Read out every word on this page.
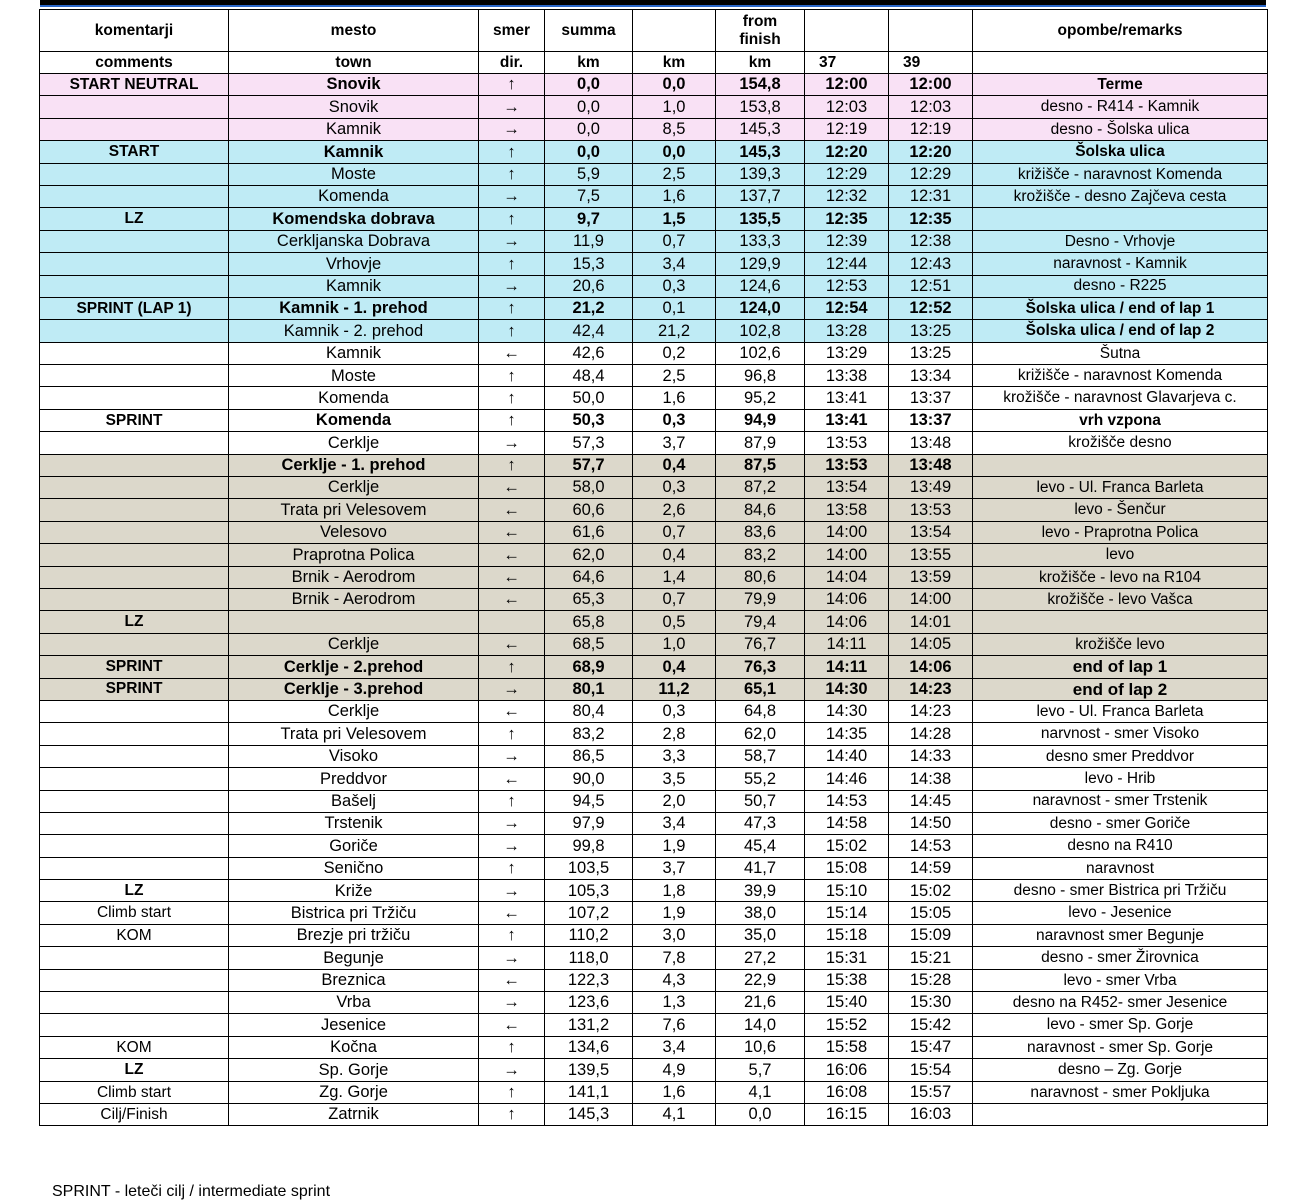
komentarji	mesto	smer	summa		from finish			opombe/remarks
comments	town	dir.	km	km	km	37	39	
START NEUTRAL	Snovik	↑	0,0	0,0	154,8	12:00	12:00	Terme
	Snovik	→	0,0	1,0	153,8	12:03	12:03	desno - R414 - Kamnik
	Kamnik	→	0,0	8,5	145,3	12:19	12:19	desno - Šolska ulica
START	Kamnik	↑	0,0	0,0	145,3	12:20	12:20	Šolska ulica
	Moste	↑	5,9	2,5	139,3	12:29	12:29	križišče - naravnost Komenda
	Komenda	→	7,5	1,6	137,7	12:32	12:31	krožišče - desno Zajčeva cesta
LZ	Komendska dobrava	↑	9,7	1,5	135,5	12:35	12:35	
	Cerkljanska Dobrava	→	11,9	0,7	133,3	12:39	12:38	Desno - Vrhovje
	Vrhovje	↑	15,3	3,4	129,9	12:44	12:43	naravnost - Kamnik
	Kamnik	→	20,6	0,3	124,6	12:53	12:51	desno - R225
SPRINT (LAP 1)	Kamnik - 1. prehod	↑	21,2	0,1	124,0	12:54	12:52	Šolska ulica / end of lap 1
	Kamnik - 2. prehod	↑	42,4	21,2	102,8	13:28	13:25	Šolska ulica / end of lap 2
	Kamnik	←	42,6	0,2	102,6	13:29	13:25	Šutna
	Moste	↑	48,4	2,5	96,8	13:38	13:34	križišče - naravnost Komenda
	Komenda	↑	50,0	1,6	95,2	13:41	13:37	krožišče - naravnost Glavarjeva c.
SPRINT	Komenda	↑	50,3	0,3	94,9	13:41	13:37	vrh vzpona
	Cerklje	→	57,3	3,7	87,9	13:53	13:48	krožišče desno
	Cerklje - 1. prehod	↑	57,7	0,4	87,5	13:53	13:48	
	Cerklje	←	58,0	0,3	87,2	13:54	13:49	levo - Ul. Franca Barleta
	Trata pri Velesovem	←	60,6	2,6	84,6	13:58	13:53	levo - Šenčur
	Velesovo	←	61,6	0,7	83,6	14:00	13:54	levo - Praprotna Polica
	Praprotna Polica	←	62,0	0,4	83,2	14:00	13:55	levo
	Brnik - Aerodrom	←	64,6	1,4	80,6	14:04	13:59	krožišče - levo na R104
	Brnik - Aerodrom	←	65,3	0,7	79,9	14:06	14:00	krožišče - levo Vašca
LZ			65,8	0,5	79,4	14:06	14:01	
	Cerklje	←	68,5	1,0	76,7	14:11	14:05	krožišče levo
SPRINT	Cerklje - 2.prehod	↑	68,9	0,4	76,3	14:11	14:06	end of lap 1
SPRINT	Cerklje - 3.prehod	→	80,1	11,2	65,1	14:30	14:23	end of lap 2
	Cerklje	←	80,4	0,3	64,8	14:30	14:23	levo - Ul. Franca Barleta
	Trata pri Velesovem	↑	83,2	2,8	62,0	14:35	14:28	narvnost - smer Visoko
	Visoko	→	86,5	3,3	58,7	14:40	14:33	desno smer Preddvor
	Preddvor	←	90,0	3,5	55,2	14:46	14:38	levo - Hrib
	Bašelj	↑	94,5	2,0	50,7	14:53	14:45	naravnost - smer Trstenik
	Trstenik	→	97,9	3,4	47,3	14:58	14:50	desno - smer Goriče
	Goriče	→	99,8	1,9	45,4	15:02	14:53	desno na R410
	Senično	↑	103,5	3,7	41,7	15:08	14:59	naravnost
LZ	Križe	→	105,3	1,8	39,9	15:10	15:02	desno - smer Bistrica pri Tržiču
Climb start	Bistrica pri Tržiču	←	107,2	1,9	38,0	15:14	15:05	levo - Jesenice
KOM	Brezje pri tržiču	↑	110,2	3,0	35,0	15:18	15:09	naravnost smer Begunje
	Begunje	→	118,0	7,8	27,2	15:31	15:21	desno - smer Žirovnica
	Breznica	←	122,3	4,3	22,9	15:38	15:28	levo - smer Vrba
	Vrba	→	123,6	1,3	21,6	15:40	15:30	desno na R452- smer Jesenice
	Jesenice	←	131,2	7,6	14,0	15:52	15:42	levo - smer Sp. Gorje
KOM	Kočna	↑	134,6	3,4	10,6	15:58	15:47	naravnost - smer Sp. Gorje
LZ	Sp. Gorje	→	139,5	4,9	5,7	16:06	15:54	desno – Zg. Gorje
Climb start	Zg. Gorje	↑	141,1	1,6	4,1	16:08	15:57	naravnost - smer Pokljuka
Cilj/Finish	Zatrnik	↑	145,3	4,1	0,0	16:15	16:03	
SPRINT - leteči cilj / intermediate sprint
